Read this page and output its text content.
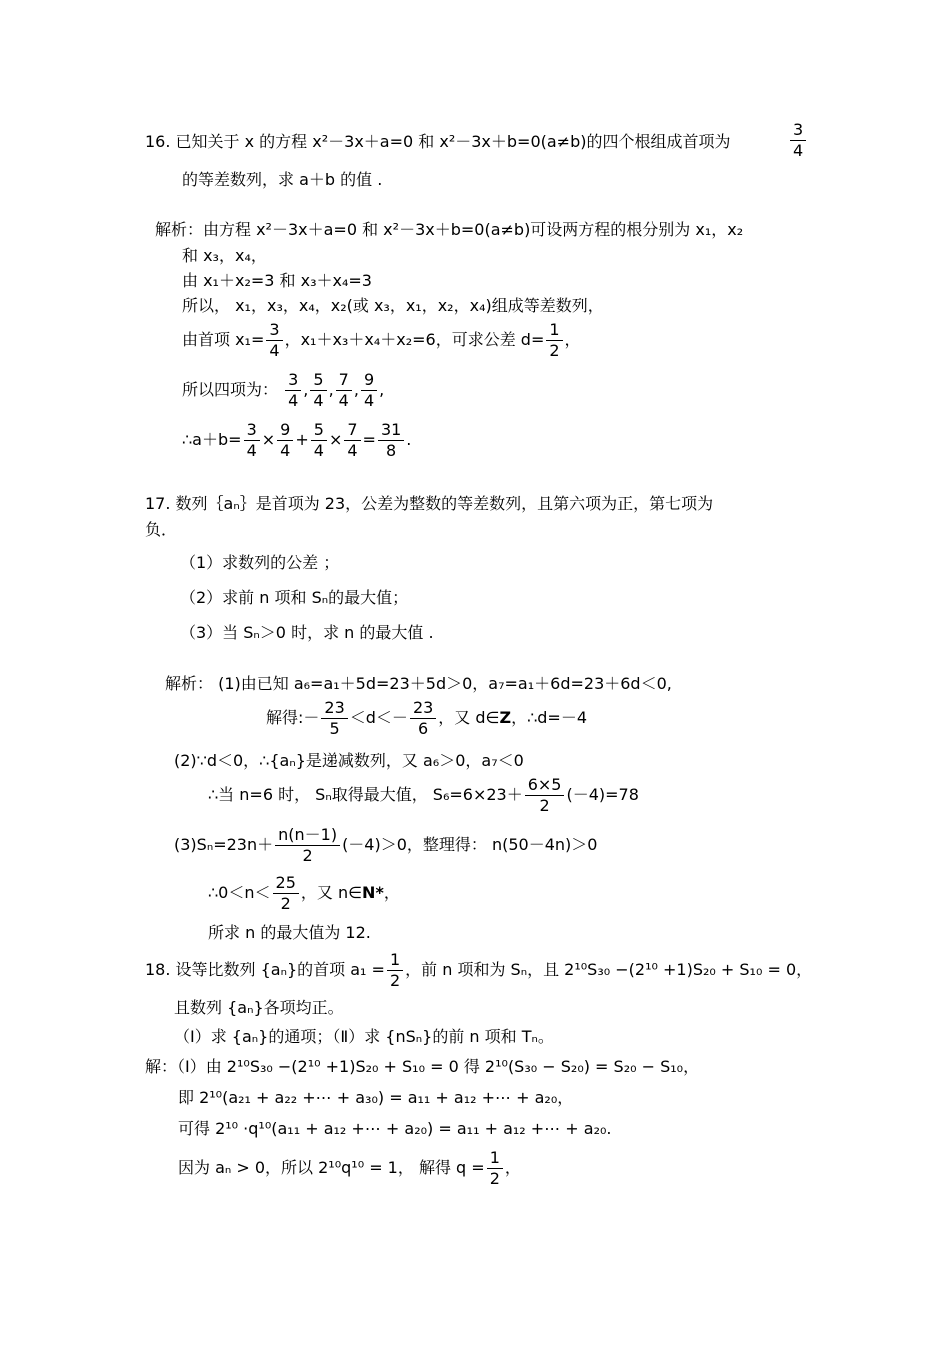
16. 已知关于 x 的方程 x²－3x＋a=0 和 x²－3x＋b=0(a≠b)的四个根组成首项为	$\frac{3}{4}$
的等差数列，求 a＋b 的值 .
解析：由方程 x²－3x＋a=0 和 x²－3x＋b=0(a≠b)可设两方程的根分别为 x₁，x₂
和 x₃，x₄，
由 x₁＋x₂=3 和 x₃＋x₄=3
所以， x₁，x₃，x₄，x₂(或 x₃，x₁，x₂，x₄)组成等差数列，
由首项 $x_1= \frac{3}{4}$ ，x₁＋x₃＋x₄＋x₂=6，可求公差 $d= \frac{1}{2}$ ，
所以四项为： $\frac{3}{4}$ , $\frac{5}{4}$ , $\frac{7}{4}$ , $\frac{9}{4}$ ,
∴a＋b= $\frac{3}{4} \times \frac{9}{4} + \frac{5}{4} \times \frac{7}{4} = \frac{31}{8}$ .
17. 数列｛aₙ｝是首项为 23，公差为整数的等差数列，且第六项为正，第七项为
负．
（1）求数列的公差 ；
（2）求前 n 项和 Sₙ的最大值；
（3）当 Sₙ＞0 时，求 n 的最大值 .
解析： (1)由已知 a₆=a₁＋5d=23＋5d＞0，a₇=a₁＋6d=23＋6d＜0,
解得:－ $\frac{23}{5} <d<- \frac{23}{6}$ ，又 d∈Z，∴d=－4
(2)∵d＜0，∴{aₙ}是递减数列，又 a₆＞0，a₇＜0
∴当 n=6 时， Sₙ取得最大值， $S_6=6\times 23+ \frac{6\times 5}{2} (-4)=78$
$(3)S_n=23n+ \frac{n(n-1)}{2} (-4)>0$，整理得： n(50－4n)＞0
∴0＜n＜ $\frac{25}{2}$ ，又 n∈N*，
所求 n 的最大值为 12.
18. 设等比数列 {aₙ}的首项 $a_1 = \frac{1}{2}$ ，前 n 项和为 Sₙ，且 2¹⁰S₃₀ −(2¹⁰ +1)S₂₀ + S₁₀ = 0，
且数列 {aₙ}各项均正。
（Ⅰ）求 {aₙ}的通项；（Ⅱ）求 {nSₙ}的前 n 项和 Tₙ。
解：（Ⅰ）由 2¹⁰S₃₀ −(2¹⁰ +1)S₂₀ + S₁₀ = 0 得 2¹⁰(S₃₀ − S₂₀) = S₂₀ − S₁₀，
即 2¹⁰(a₂₁ + a₂₂ +⋯ + a₃₀) = a₁₁ + a₁₂ +⋯ + a₂₀，
可得 2¹⁰ ·q¹⁰(a₁₁ + a₁₂ +⋯ + a₂₀) = a₁₁ + a₁₂ +⋯ + a₂₀.
因为 aₙ > 0，所以 2¹⁰q¹⁰ = 1， 解得 $q = \frac{1}{2}$ ，
